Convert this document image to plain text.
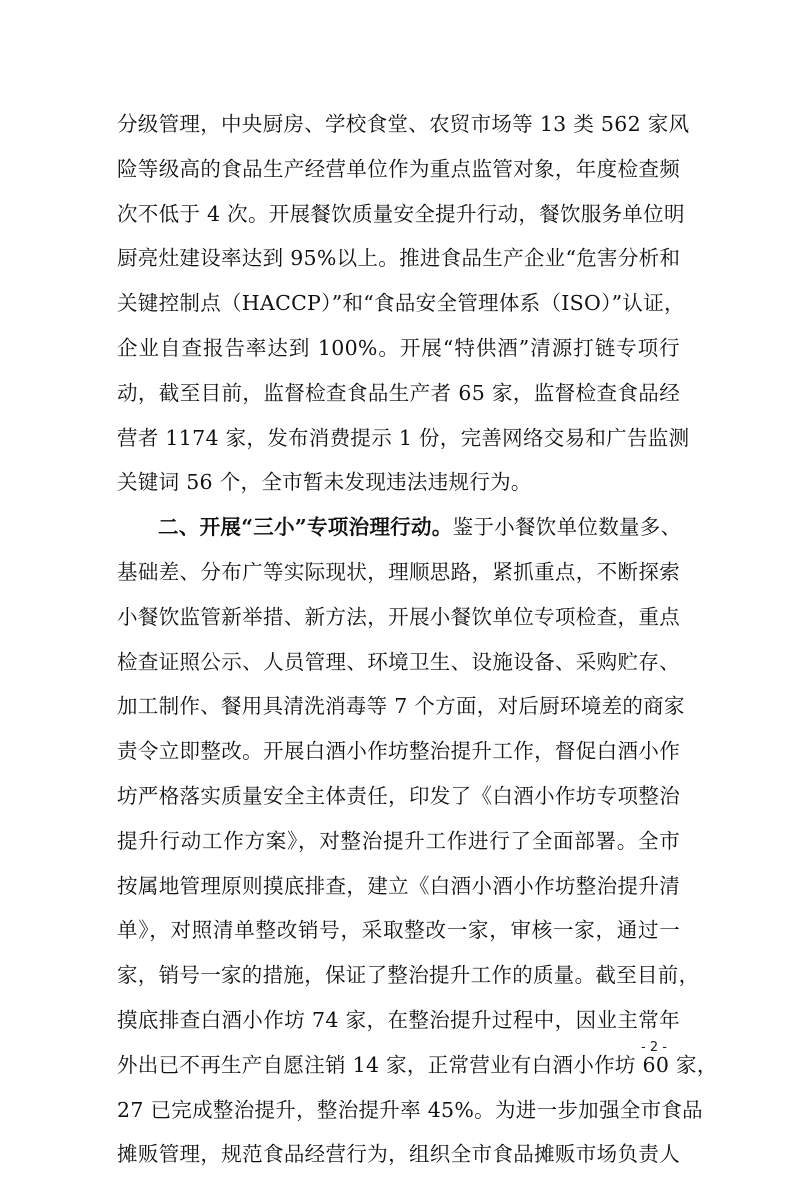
分级管理，中央厨房、学校食堂、农贸市场等 13 类 562 家风
险等级高的食品生产经营单位作为重点监管对象，年度检查频
次不低于 4 次。开展餐饮质量安全提升行动，餐饮服务单位明
厨亮灶建设率达到 95%以上。推进食品生产企业“危害分析和
关键控制点（HACCP）”和“食品安全管理体系（ISO）”认证，
企业自查报告率达到 100%。开展“特供酒”清源打链专项行
动，截至目前，监督检查食品生产者 65 家，监督检查食品经
营者 1174 家，发布消费提示 1 份，完善网络交易和广告监测
关键词 56 个，全市暂未发现违法违规行为。
二、开展“三小”专项治理行动。鉴于小餐饮单位数量多、
基础差、分布广等实际现状，理顺思路，紧抓重点，不断探索
小餐饮监管新举措、新方法，开展小餐饮单位专项检查，重点
检查证照公示、人员管理、环境卫生、设施设备、采购贮存、
加工制作、餐用具清洗消毒等 7 个方面，对后厨环境差的商家
责令立即整改。开展白酒小作坊整治提升工作，督促白酒小作
坊严格落实质量安全主体责任，印发了《白酒小作坊专项整治
提升行动工作方案》，对整治提升工作进行了全面部署。全市
按属地管理原则摸底排查，建立《白酒小酒小作坊整治提升清
单》，对照清单整改销号，采取整改一家，审核一家，通过一
家，销号一家的措施，保证了整治提升工作的质量。截至目前，
摸底排查白酒小作坊 74 家，在整治提升过程中，因业主常年
外出已不再生产自愿注销 14 家，正常营业有白酒小作坊 60 家，
27 已完成整治提升，整治提升率 45%。为进一步加强全市食品
摊贩管理，规范食品经营行为，组织全市食品摊贩市场负责人
- 2 -
